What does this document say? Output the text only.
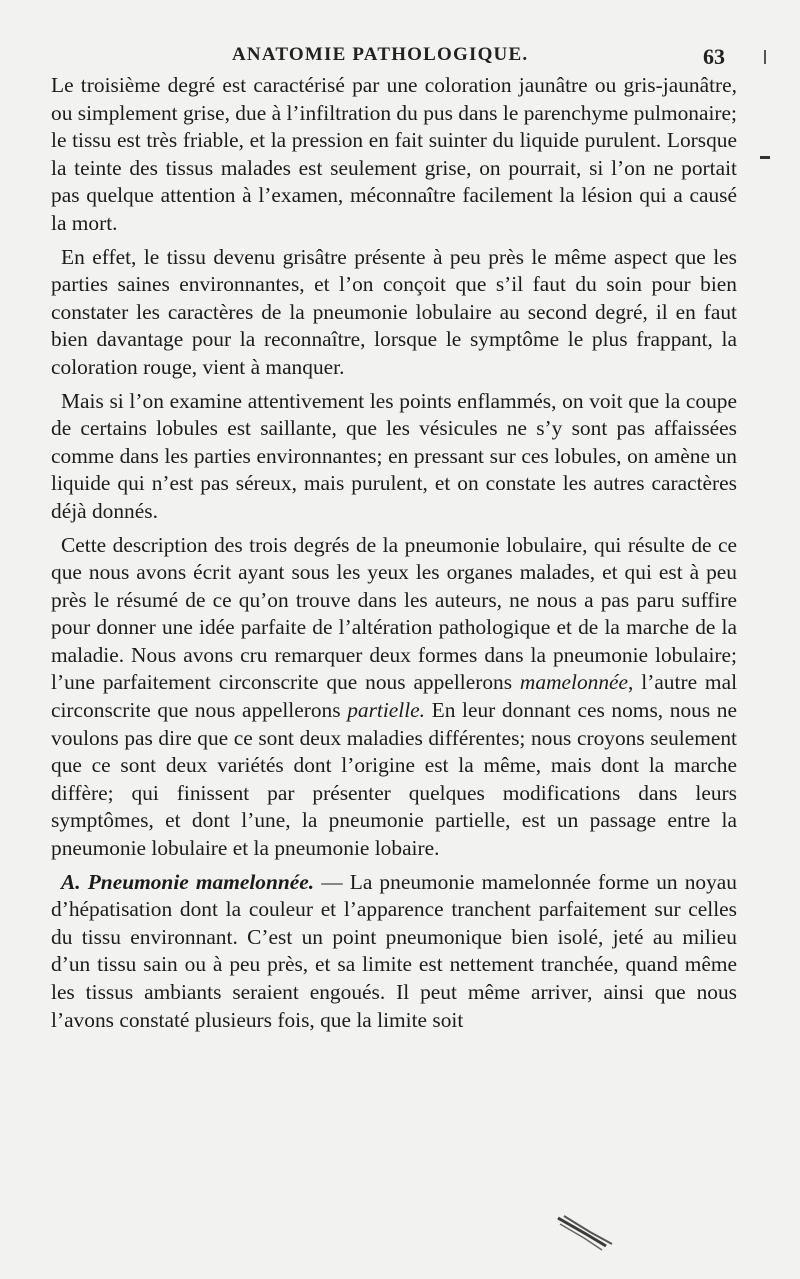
ANATOMIE PATHOLOGIQUE.	63

Le troisième degré est caractérisé par une coloration jaunâtre ou gris-jaunâtre, ou simplement grise, due à l’infiltration du pus dans le parenchyme pulmonaire; le tissu est très friable, et la pression en fait suinter du liquide purulent. Lorsque la teinte des tissus malades est seulement grise, on pourrait, si l’on ne portait pas quelque attention à l’examen, méconnaître facilement la lésion qui a causé la mort.

En effet, le tissu devenu grisâtre présente à peu près le même aspect que les parties saines environnantes, et l’on conçoit que s’il faut du soin pour bien constater les caractères de la pneumonie lobulaire au second degré, il en faut bien davantage pour la reconnaître, lorsque le symptôme le plus frappant, la coloration rouge, vient à manquer.

Mais si l’on examine attentivement les points enflammés, on voit que la coupe de certains lobules est saillante, que les vésicules ne s’y sont pas affaissées comme dans les parties environnantes; en pressant sur ces lobules, on amène un liquide qui n’est pas séreux, mais purulent, et on constate les autres caractères déjà donnés.

Cette description des trois degrés de la pneumonie lobulaire, qui résulte de ce que nous avons écrit ayant sous les yeux les organes malades, et qui est à peu près le résumé de ce qu’on trouve dans les auteurs, ne nous a pas paru suffire pour donner une idée parfaite de l’altération pathologique et de la marche de la maladie. Nous avons cru remarquer deux formes dans la pneumonie lobulaire; l’une parfaitement circonscrite que nous appellerons mamelonnée, l’autre mal circonscrite que nous appellerons partielle. En leur donnant ces noms, nous ne voulons pas dire que ce sont deux maladies différentes; nous croyons seulement que ce sont deux variétés dont l’origine est la même, mais dont la marche diffère; qui finissent par présenter quelques modifications dans leurs symptômes, et dont l’une, la pneumonie partielle, est un passage entre la pneumonie lobulaire et la pneumonie lobaire.

A. Pneumonie mamelonnée. — La pneumonie mamelonnée forme un noyau d’hépatisation dont la couleur et l’apparence tranchent parfaitement sur celles du tissu environnant. C’est un point pneumonique bien isolé, jeté au milieu d’un tissu sain ou à peu près, et sa limite est nettement tranchée, quand même les tissus ambiants seraient engoués. Il peut même arriver, ainsi que nous l’avons constaté plusieurs fois, que la limite soit
